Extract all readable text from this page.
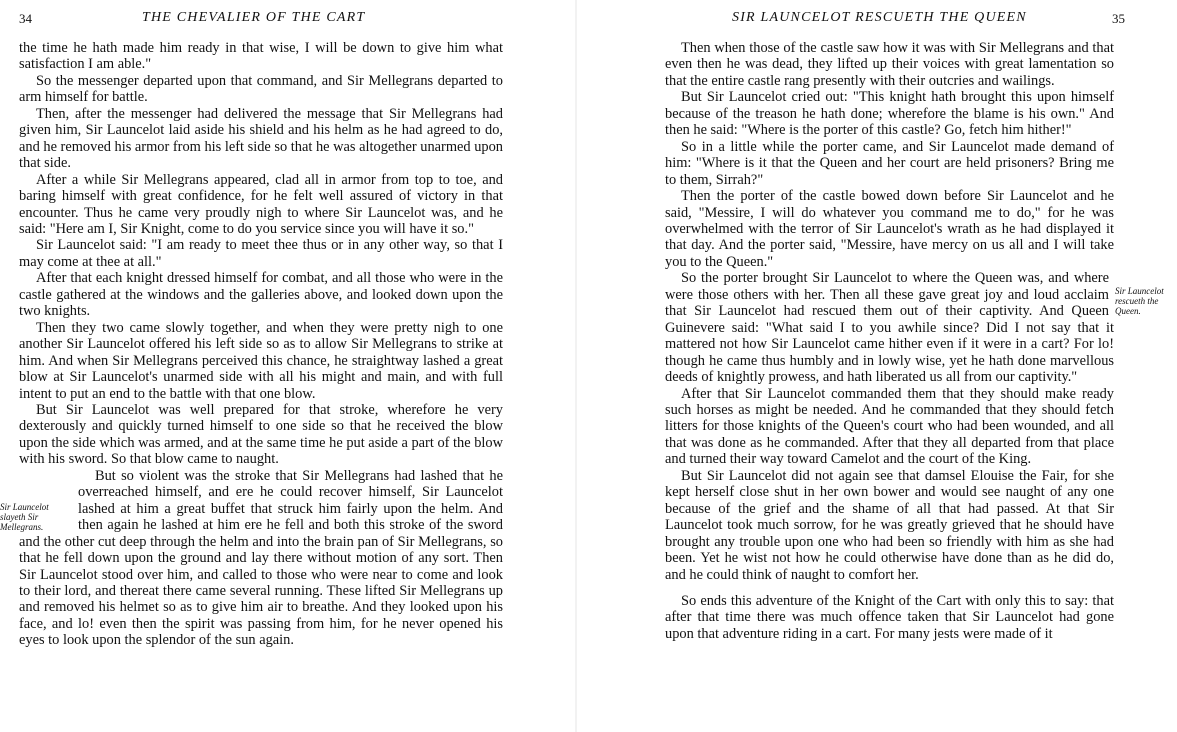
34	THE CHEVALIER OF THE CART

the time he hath made him ready in that wise, I will be down to give him what satisfaction I am able."

So the messenger departed upon that command, and Sir Mellegrans departed to arm himself for battle.

Then, after the messenger had delivered the message that Sir Mellegrans had given him, Sir Launcelot laid aside his shield and his helm as he had agreed to do, and he removed his armor from his left side so that he was altogether unarmed upon that side.

After a while Sir Mellegrans appeared, clad all in armor from top to toe, and baring himself with great confidence, for he felt well assured of victory in that encounter. Thus he came very proudly nigh to where Sir Launcelot was, and he said: "Here am I, Sir Knight, come to do you service since you will have it so."

Sir Launcelot said: "I am ready to meet thee thus or in any other way, so that I may come at thee at all."

After that each knight dressed himself for combat, and all those who were in the castle gathered at the windows and the galleries above, and looked down upon the two knights.

Then they two came slowly together, and when they were pretty nigh to one another Sir Launcelot offered his left side so as to allow Sir Mellegrans to strike at him. And when Sir Mellegrans perceived this chance, he straightway lashed a great blow at Sir Launcelot's unarmed side with all his might and main, and with full intent to put an end to the battle with that one blow.

But Sir Launcelot was well prepared for that stroke, wherefore he very dexterously and quickly turned himself to one side so that he received the blow upon the side which was armed, and at the same time he put aside a part of the blow with his sword. So that blow came to naught.

Sir Launcelot slayeth Sir Mellegrans.

But so violent was the stroke that Sir Mellegrans had lashed that he overreached himself, and ere he could recover himself, Sir Launcelot lashed at him a great buffet that struck him fairly upon the helm. And then again he lashed at him ere he fell and both this stroke of the sword and the other cut deep through the helm and into the brain pan of Sir Mellegrans, so that he fell down upon the ground and lay there without motion of any sort. Then Sir Launcelot stood over him, and called to those who were near to come and look to their lord, and thereat there came several running. These lifted Sir Mellegrans up and removed his helmet so as to give him air to breathe. And they looked upon his face, and lo! even then the spirit was passing from him, for he never opened his eyes to look upon the splendor of the sun again.

SIR LAUNCELOT RESCUETH THE QUEEN	35

Then when those of the castle saw how it was with Sir Mellegrans and that even then he was dead, they lifted up their voices with great lamentation so that the entire castle rang presently with their outcries and wailings.

But Sir Launcelot cried out: "This knight hath brought this upon himself because of the treason he hath done; wherefore the blame is his own." And then he said: "Where is the porter of this castle? Go, fetch him hither!"

So in a little while the porter came, and Sir Launcelot made demand of him: "Where is it that the Queen and her court are held prisoners? Bring me to them, Sirrah?"

Then the porter of the castle bowed down before Sir Launcelot and he said, "Messire, I will do whatever you command me to do," for he was overwhelmed with the terror of Sir Launcelot's wrath as he had displayed it that day. And the porter said, "Messire, have mercy on us all and I will take you to the Queen."

Sir Launcelot rescueth the Queen.

So the porter brought Sir Launcelot to where the Queen was, and where were those others with her. Then all these gave great joy and loud acclaim that Sir Launcelot had rescued them out of their captivity. And Queen Guinevere said: "What said I to you awhile since? Did I not say that it mattered not how Sir Launcelot came hither even if it were in a cart? For lo! though he came thus humbly and in lowly wise, yet he hath done marvellous deeds of knightly prowess, and hath liberated us all from our captivity."

After that Sir Launcelot commanded them that they should make ready such horses as might be needed. And he commanded that they should fetch litters for those knights of the Queen's court who had been wounded, and all that was done as he commanded. After that they all departed from that place and turned their way toward Camelot and the court of the King.

But Sir Launcelot did not again see that damsel Elouise the Fair, for she kept herself close shut in her own bower and would see naught of any one because of the grief and the shame of all that had passed. At that Sir Launcelot took much sorrow, for he was greatly grieved that he should have brought any trouble upon one who had been so friendly with him as she had been. Yet he wist not how he could otherwise have done than as he did do, and he could think of naught to comfort her.

So ends this adventure of the Knight of the Cart with only this to say: that after that time there was much offence taken that Sir Launcelot had gone upon that adventure riding in a cart. For many jests were made of it
